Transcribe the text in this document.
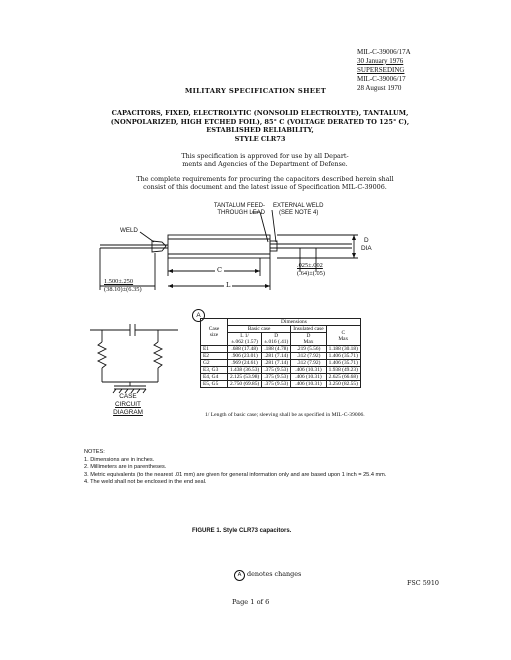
MIL-C-39006/17A
30 January 1976
SUPERSEDING
MIL-C-39006/17
28 August 1970
MILITARY SPECIFICATION SHEET
CAPACITORS, FIXED, ELECTROLYTIC (NONSOLID ELECTROLYTE), TANTALUM,
(NONPOLARIZED, HIGH ETCHED FOIL), 85° C (VOLTAGE DERATED TO 125° C),
ESTABLISHED RELIABILITY,
STYLE CLR73
This specification is approved for use by all Depart-
ments and Agencies of the Department of Defense.
The complete requirements for procuring the capacitors described herein shall
consist of this document and the latest issue of Specification MIL-C-39006.
TANTALUM FEED-
THROUGH LEAD
EXTERNAL WELD
(SEE NOTE 4)
WELD
D
DIA
C
L
1.500±.250
(38.10)±(6.35)
.025±.002
(.64)±(.05)
CASE
CIRCUIT DIAGRAM
A
Case
size	Dimensions			
	Basic case		Insulated case	C
Max
	L 1/
±.062 (1.57)	D
±.016 (.41)	D
Max	
E1	.688 (17.48)	.188 (4.78)	.219 (5.56)	1.188 (30.18)
E2	.906 (23.01)	.281 (7.14)	.312 (7.92)	1.406 (35.71)
G2	.969 (24.61)	.281 (7.14)	.312 (7.92)	1.406 (35.71)
E3, G3	1.438 (36.53)	.375 (9.53)	.406 (10.31)	1.938 (49.23)
E4, G4	2.125 (53.98)	.375 (9.53)	.406 (10.31)	2.625 (66.68)
E5, G5	2.750 (69.85)	.375 (9.53)	.406 (10.31)	3.250 (82.55)
1/ Length of basic case; sleeving shall be as specified in MIL-C-39006.
NOTES:
1. Dimensions are in inches.
2. Millimeters are in parentheses.
3. Metric equivalents (to the nearest .01 mm) are given for general information only and are based upon 1 inch = 25.4 mm.
4. The weld shall not be enclosed in the end seal.
FIGURE 1. Style CLR73 capacitors.
A denotes changes
FSC 5910
Page 1 of 6
